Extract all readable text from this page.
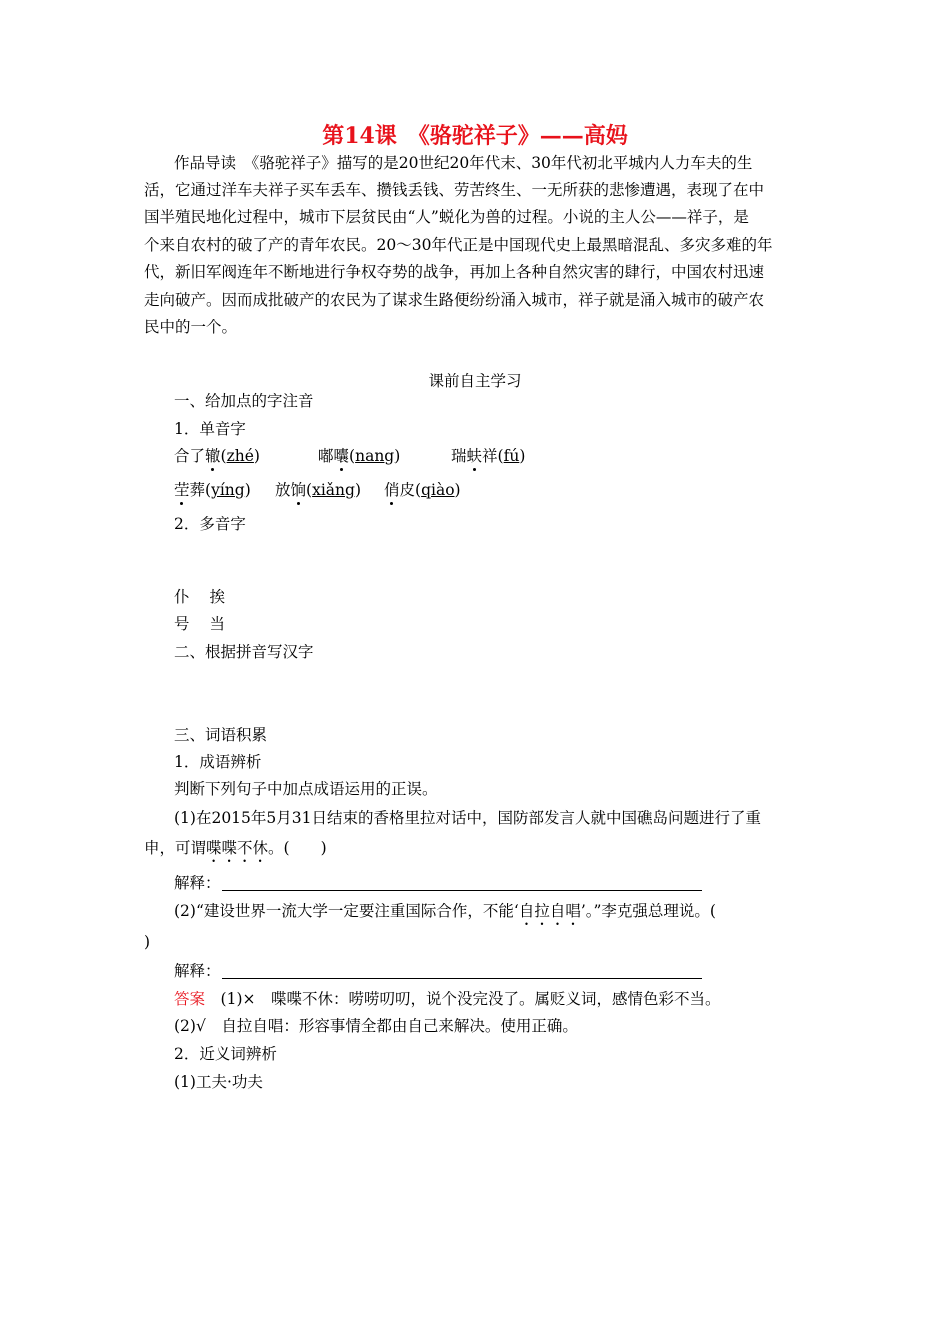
第14课　《骆驼祥子》——高妈
作品导读　《骆驼祥子》描写的是20世纪20年代末、30年代初北平城内人力车夫的生
活，它通过洋车夫祥子买车丢车、攒钱丢钱、劳苦终生、一无所获的悲惨遭遇，表现了在中
国半殖民地化过程中，城市下层贫民由“人”蜕化为兽的过程。小说的主人公——祥子，是
个来自农村的破了产的青年农民。20～30年代正是中国现代史上最黑暗混乱、多灾多难的年
代，新旧军阀连年不断地进行争权夺势的战争，再加上各种自然灾害的肆行，中国农村迅速
走向破产。因而成批破产的农民为了谋求生路便纷纷涌入城市，祥子就是涌入城市的破产农
民中的一个。
课前自主学习
一、给加点的字注音
1．单音字
合了辙(zhé)	嘟囔(nang)	瑞蚨祥(fú)
茔葬(yíng) 放饷(xiǎng) 俏皮(qiào)
2．多音字
仆 挨
号 当
二、根据拼音写汉字
三、词语积累
1．成语辨析
判断下列句子中加点成语运用的正误。
(1)在2015年5月31日结束的香格里拉对话中，国防部发言人就中国礁岛问题进行了重
申，可谓喋喋不休。(　　)
解释：
(2)“建设世界一流大学一定要注重国际合作，不能‘自拉自唱’。”李克强总理说。(
)
解释：
答案　 (1)×　喋喋不休：唠唠叨叨，说个没完没了。属贬义词，感情色彩不当。
(2)√　自拉自唱：形容事情全都由自己来解决。使用正确。
2．近义词辨析
(1)工夫·功夫
